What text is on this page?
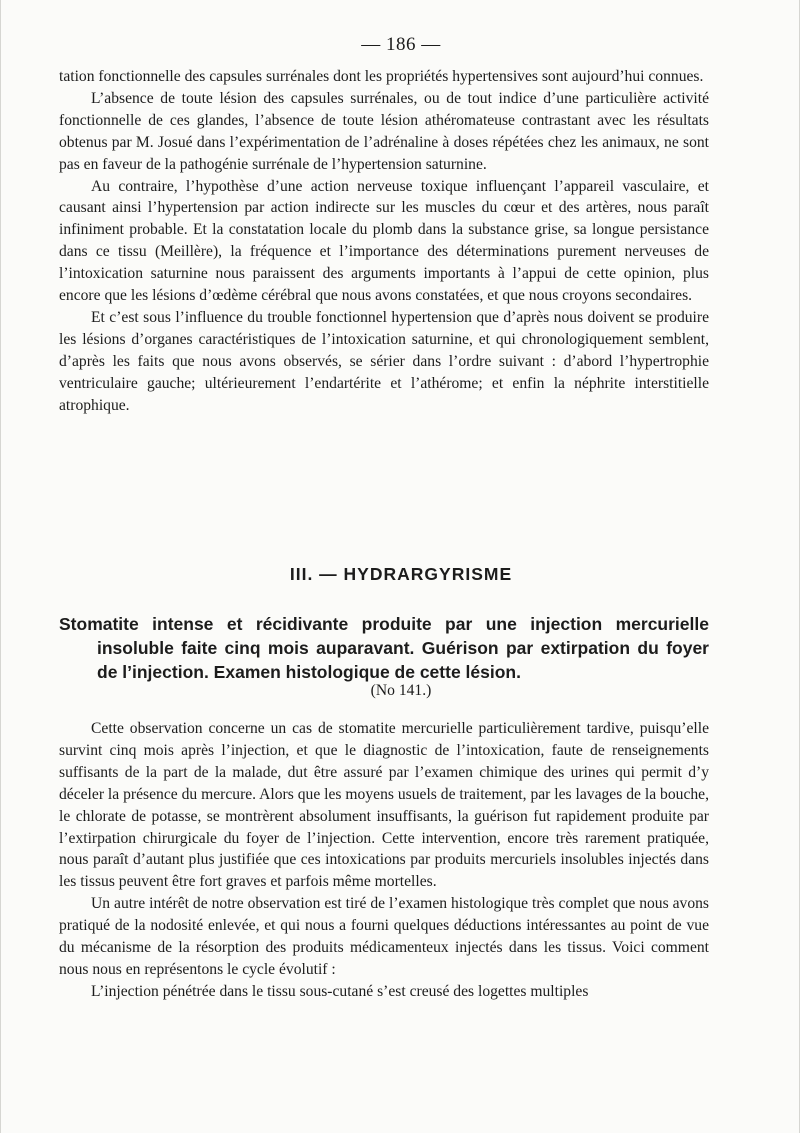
— 186 —

tation fonctionnelle des capsules surrénales dont les propriétés hypertensives sont aujourd’hui connues.

L’absence de toute lésion des capsules surrénales, ou de tout indice d’une particulière activité fonctionnelle de ces glandes, l’absence de toute lésion athéromateuse contrastant avec les résultats obtenus par M. Josué dans l’expérimentation de l’adrénaline à doses répétées chez les animaux, ne sont pas en faveur de la pathogénie surrénale de l’hypertension saturnine.

Au contraire, l’hypothèse d’une action nerveuse toxique influençant l’appareil vasculaire, et causant ainsi l’hypertension par action indirecte sur les muscles du cœur et des artères, nous paraît infiniment probable. Et la constatation locale du plomb dans la substance grise, sa longue persistance dans ce tissu (Meillère), la fréquence et l’importance des déterminations purement nerveuses de l’intoxication saturnine nous paraissent des arguments importants à l’appui de cette opinion, plus encore que les lésions d’œdème cérébral que nous avons constatées, et que nous croyons secondaires.

Et c’est sous l’influence du trouble fonctionnel hypertension que d’après nous doivent se produire les lésions d’organes caractéristiques de l’intoxication saturnine, et qui chronologiquement semblent, d’après les faits que nous avons observés, se sérier dans l’ordre suivant : d’abord l’hypertrophie ventriculaire gauche; ultérieurement l’endartérite et l’athérome; et enfin la néphrite interstitielle atrophique.

III. — HYDRARGYRISME
Stomatite intense et récidivante produite par une injection mercurielle insoluble faite cinq mois auparavant. Guérison par extirpation du foyer de l’injection. Examen histologique de cette lésion.
(No 141.)

Cette observation concerne un cas de stomatite mercurielle particulièrement tardive, puisqu’elle survint cinq mois après l’injection, et que le diagnostic de l’intoxication, faute de renseignements suffisants de la part de la malade, dut être assuré par l’examen chimique des urines qui permit d’y déceler la présence du mercure. Alors que les moyens usuels de traitement, par les lavages de la bouche, le chlorate de potasse, se montrèrent absolument insuffisants, la guérison fut rapidement produite par l’extirpation chirurgicale du foyer de l’injection. Cette intervention, encore très rarement pratiquée, nous paraît d’autant plus justifiée que ces intoxications par produits mercuriels insolubles injectés dans les tissus peuvent être fort graves et parfois même mortelles.

Un autre intérêt de notre observation est tiré de l’examen histologique très complet que nous avons pratiqué de la nodosité enlevée, et qui nous a fourni quelques déductions intéressantes au point de vue du mécanisme de la résorption des produits médicamenteux injectés dans les tissus. Voici comment nous nous en représentons le cycle évolutif :

L’injection pénétrée dans le tissu sous-cutané s’est creusé des logettes multiples
